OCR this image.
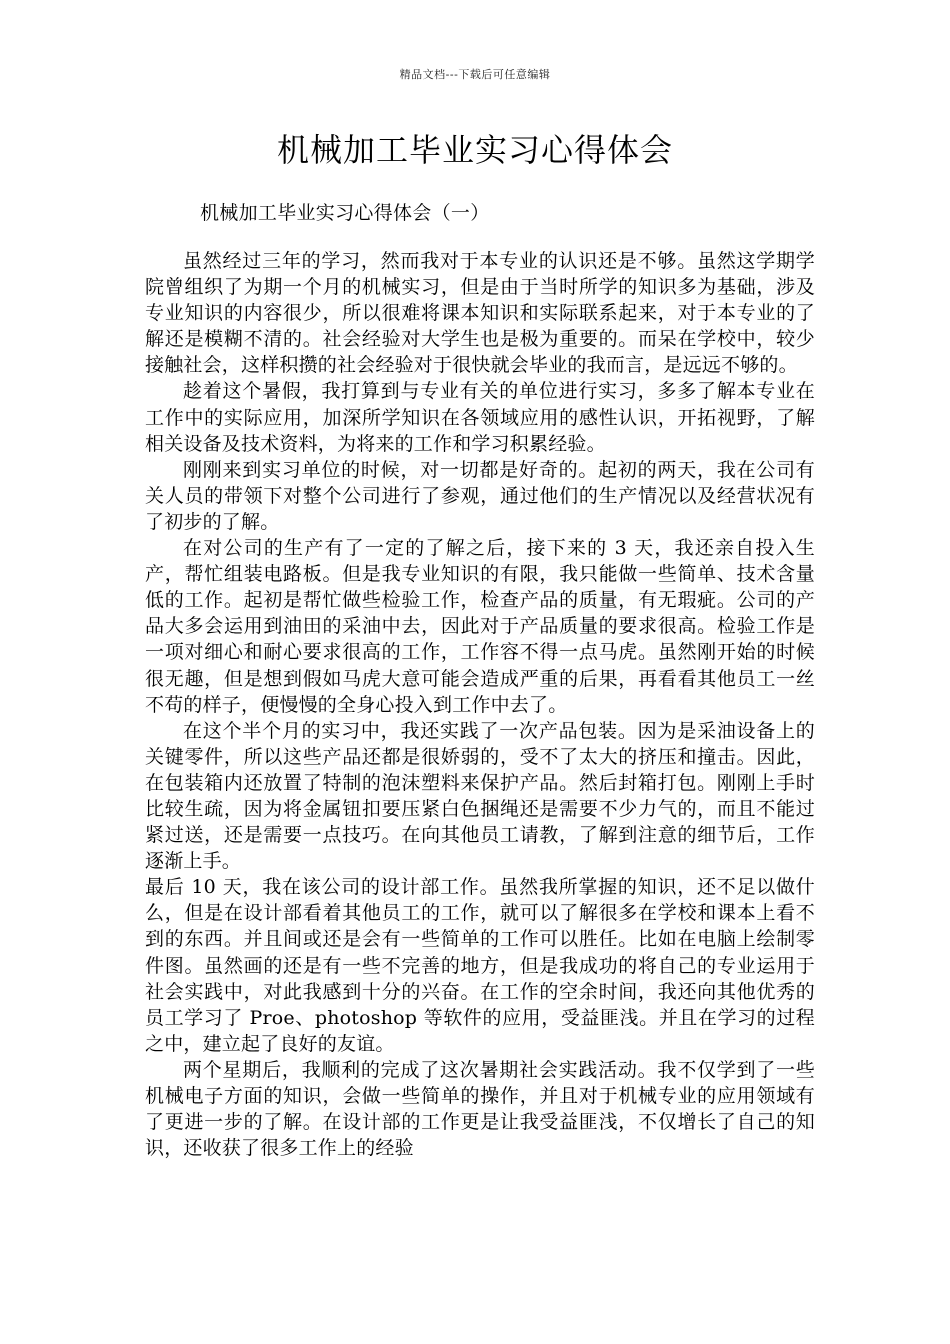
精品文档---下载后可任意编辑
机械加工毕业实习心得体会
机械加工毕业实习心得体会（一）

虽然经过三年的学习，然而我对于本专业的认识还是不够。虽然这学期学院曾组织了为期一个月的机械实习，但是由于当时所学的知识多为基础，涉及专业知识的内容很少，所以很难将课本知识和实际联系起来，对于本专业的了解还是模糊不清的。社会经验对大学生也是极为重要的。而呆在学校中，较少接触社会，这样积攒的社会经验对于很快就会毕业的我而言，是远远不够的。

趁着这个暑假，我打算到与专业有关的单位进行实习，多多了解本专业在工作中的实际应用，加深所学知识在各领域应用的感性认识，开拓视野，了解相关设备及技术资料，为将来的工作和学习积累经验。

刚刚来到实习单位的时候，对一切都是好奇的。起初的两天，我在公司有关人员的带领下对整个公司进行了参观，通过他们的生产情况以及经营状况有了初步的了解。

在对公司的生产有了一定的了解之后，接下来的 3 天，我还亲自投入生产，帮忙组装电路板。但是我专业知识的有限，我只能做一些简单、技术含量低的工作。起初是帮忙做些检验工作，检查产品的质量，有无瑕疵。公司的产品大多会运用到油田的采油中去，因此对于产品质量的要求很高。检验工作是一项对细心和耐心要求很高的工作，工作容不得一点马虎。虽然刚开始的时候很无趣，但是想到假如马虎大意可能会造成严重的后果，再看看其他员工一丝不苟的样子，便慢慢的全身心投入到工作中去了。

在这个半个月的实习中，我还实践了一次产品包装。因为是采油设备上的关键零件，所以这些产品还都是很娇弱的，受不了太大的挤压和撞击。因此，在包装箱内还放置了特制的泡沫塑料来保护产品。然后封箱打包。刚刚上手时比较生疏，因为将金属钮扣要压紧白色捆绳还是需要不少力气的，而且不能过紧过送，还是需要一点技巧。在向其他员工请教，了解到注意的细节后，工作逐渐上手。

最后 10 天，我在该公司的设计部工作。虽然我所掌握的知识，还不足以做什么，但是在设计部看着其他员工的工作，就可以了解很多在学校和课本上看不到的东西。并且间或还是会有一些简单的工作可以胜任。比如在电脑上绘制零件图。虽然画的还是有一些不完善的地方，但是我成功的将自己的专业运用于社会实践中，对此我感到十分的兴奋。在工作的空余时间，我还向其他优秀的员工学习了 Proe、photoshop 等软件的应用，受益匪浅。并且在学习的过程之中，建立起了良好的友谊。

两个星期后，我顺利的完成了这次暑期社会实践活动。我不仅学到了一些机械电子方面的知识，会做一些简单的操作，并且对于机械专业的应用领域有了更进一步的了解。在设计部的工作更是让我受益匪浅，不仅增长了自己的知识，还收获了很多工作上的经验
